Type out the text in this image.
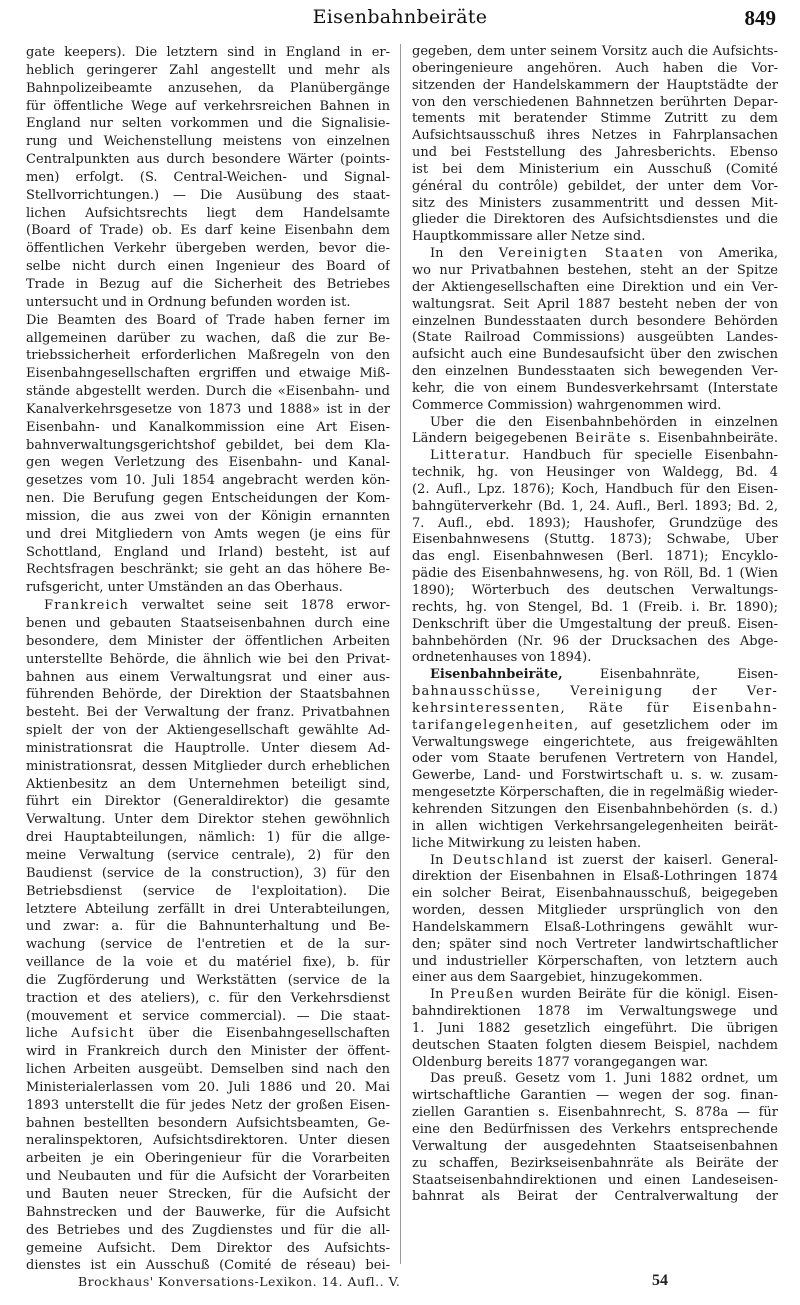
Eisenbahnbeiräte	849
gate keepers). Die letztern sind in England in er-
heblich geringerer Zahl angestellt und mehr als
Bahnpolizeibeamte anzusehen, da Planübergänge
für öffentliche Wege auf verkehrsreichen Bahnen in
England nur selten vorkommen und die Signalisie-
rung und Weichenstellung meistens von einzelnen
Centralpunkten aus durch besondere Wärter (points-
men) erfolgt. (S. Central-Weichen- und Signal-
Stellvorrichtungen.) — Die Ausübung des staat-
lichen Aufsichtsrechts liegt dem Handelsamte
(Board of Trade) ob. Es darf keine Eisenbahn dem
öffentlichen Verkehr übergeben werden, bevor die-
selbe nicht durch einen Ingenieur des Board of
Trade in Bezug auf die Sicherheit des Betriebes
untersucht und in Ordnung befunden worden ist.
Die Beamten des Board of Trade haben ferner im
allgemeinen darüber zu wachen, daß die zur Be-
triebssicherheit erforderlichen Maßregeln von den
Eisenbahngesellschaften ergriffen und etwaige Miß-
stände abgestellt werden. Durch die «Eisenbahn- und
Kanalverkehrsgesetze von 1873 und 1888» ist in der
Eisenbahn- und Kanalkommission eine Art Eisen-
bahnverwaltungsgerichtshof gebildet, bei dem Kla-
gen wegen Verletzung des Eisenbahn- und Kanal-
gesetzes vom 10. Juli 1854 angebracht werden kön-
nen. Die Berufung gegen Entscheidungen der Kom-
mission, die aus zwei von der Königin ernannten
und drei Mitgliedern von Amts wegen (je eins für
Schottland, England und Irland) besteht, ist auf
Rechtsfragen beschränkt; sie geht an das höhere Be-
rufsgericht, unter Umständen an das Oberhaus.
Frankreich verwaltet seine seit 1878 erwor-
benen und gebauten Staatseisenbahnen durch eine
besondere, dem Minister der öffentlichen Arbeiten
unterstellte Behörde, die ähnlich wie bei den Privat-
bahnen aus einem Verwaltungsrat und einer aus-
führenden Behörde, der Direktion der Staatsbahnen
besteht. Bei der Verwaltung der franz. Privatbahnen
spielt der von der Aktiengesellschaft gewählte Ad-
ministrationsrat die Hauptrolle. Unter diesem Ad-
ministrationsrat, dessen Mitglieder durch erheblichen
Aktienbesitz an dem Unternehmen beteiligt sind,
führt ein Direktor (Generaldirektor) die gesamte
Verwaltung. Unter dem Direktor stehen gewöhnlich
drei Hauptabteilungen, nämlich: 1) für die allge-
meine Verwaltung (service centrale), 2) für den
Baudienst (service de la construction), 3) für den
Betriebsdienst (service de l'exploitation). Die
letztere Abteilung zerfällt in drei Unterabteilungen,
und zwar: a. für die Bahnunterhaltung und Be-
wachung (service de l'entretien et de la sur-
veillance de la voie et du matériel fixe), b. für
die Zugförderung und Werkstätten (service de la
traction et des ateliers), c. für den Verkehrsdienst
(mouvement et service commercial). — Die staat-
liche Aufsicht über die Eisenbahngesellschaften
wird in Frankreich durch den Minister der öffent-
lichen Arbeiten ausgeübt. Demselben sind nach den
Ministerialerlassen vom 20. Juli 1886 und 20. Mai
1893 unterstellt die für jedes Netz der großen Eisen-
bahnen bestellten besondern Aufsichtsbeamten, Ge-
neralinspektoren, Aufsichtsdirektoren. Unter diesen
arbeiten je ein Oberingenieur für die Vorarbeiten
und Neubauten und für die Aufsicht der Vorarbeiten
und Bauten neuer Strecken, für die Aufsicht der
Bahnstrecken und der Bauwerke, für die Aufsicht
des Betriebes und des Zugdienstes und für die all-
gemeine Aufsicht. Dem Direktor des Aufsichts-
dienstes ist ein Ausschuß (Comité de réseau) bei-
gegeben, dem unter seinem Vorsitz auch die Aufsichts-
oberingenieure angehören. Auch haben die Vor-
sitzenden der Handelskammern der Hauptstädte der
von den verschiedenen Bahnnetzen berührten Depar-
tements mit beratender Stimme Zutritt zu dem
Aufsichtsausschuß ihres Netzes in Fahrplansachen
und bei Feststellung des Jahresberichts. Ebenso
ist bei dem Ministerium ein Ausschuß (Comité
général du contrôle) gebildet, der unter dem Vor-
sitz des Ministers zusammentritt und dessen Mit-
glieder die Direktoren des Aufsichtsdienstes und die
Hauptkommissare aller Netze sind.
In den Vereinigten Staaten von Amerika,
wo nur Privatbahnen bestehen, steht an der Spitze
der Aktiengesellschaften eine Direktion und ein Ver-
waltungsrat. Seit April 1887 besteht neben der von
einzelnen Bundesstaaten durch besondere Behörden
(State Railroad Commissions) ausgeübten Landes-
aufsicht auch eine Bundesaufsicht über den zwischen
den einzelnen Bundesstaaten sich bewegenden Ver-
kehr, die von einem Bundesverkehrsamt (Interstate
Commerce Commission) wahrgenommen wird.
Über die den Eisenbahnbehörden in einzelnen
Ländern beigegebenen Beiräte s. Eisenbahnbeiräte.
Litteratur. Handbuch für specielle Eisenbahn-
technik, hg. von Heusinger von Waldegg, Bd. 4
(2. Aufl., Lpz. 1876); Koch, Handbuch für den Eisen-
bahngüterverkehr (Bd. 1, 24. Aufl., Berl. 1893; Bd. 2,
7. Aufl., ebd. 1893); Haushofer, Grundzüge des
Eisenbahnwesens (Stuttg. 1873); Schwabe, Über
das engl. Eisenbahnwesen (Berl. 1871); Encyklo-
pädie des Eisenbahnwesens, hg. von Röll, Bd. 1 (Wien
1890); Wörterbuch des deutschen Verwaltungs-
rechts, hg. von Stengel, Bd. 1 (Freib. i. Br. 1890);
Denkschrift über die Umgestaltung der preuß. Eisen-
bahnbehörden (Nr. 96 der Drucksachen des Abge-
ordnetenhauses von 1894).
Eisenbahnbeiräte, Eisenbahnräte, Eisen-
bahnausschüsse, Vereinigung der Ver-
kehrsinteressenten, Räte für Eisenbahn-
tarifangelegenheiten, auf gesetzlichem oder im
Verwaltungswege eingerichtete, aus freigewählten
oder vom Staate berufenen Vertretern von Handel,
Gewerbe, Land- und Forstwirtschaft u. s. w. zusam-
mengesetzte Körperschaften, die in regelmäßig wieder-
kehrenden Sitzungen den Eisenbahnbehörden (s. d.)
in allen wichtigen Verkehrsangelegenheiten beirät-
liche Mitwirkung zu leisten haben.
In Deutschland ist zuerst der kaiserl. General-
direktion der Eisenbahnen in Elsaß-Lothringen 1874
ein solcher Beirat, Eisenbahnausschuß, beigegeben
worden, dessen Mitglieder ursprünglich von den
Handelskammern Elsaß-Lothringens gewählt wur-
den; später sind noch Vertreter landwirtschaftlicher
und industrieller Körperschaften, von letztern auch
einer aus dem Saargebiet, hinzugekommen.
In Preußen wurden Beiräte für die königl. Eisen-
bahndirektionen 1878 im Verwaltungswege und
1. Juni 1882 gesetzlich eingeführt. Die übrigen
deutschen Staaten folgten diesem Beispiel, nachdem
Oldenburg bereits 1877 vorangegangen war.
Das preuß. Gesetz vom 1. Juni 1882 ordnet, um
wirtschaftliche Garantien — wegen der sog. finan-
ziellen Garantien s. Eisenbahnrecht, S. 878a — für
eine den Bedürfnissen des Verkehrs entsprechende
Verwaltung der ausgedehnten Staatseisenbahnen
zu schaffen, Bezirkseisenbahnräte als Beiräte der
Staatseisenbahndirektionen und einen Landeseisen-
bahnrat als Beirat der Centralverwaltung der
Brockhaus' Konversations-Lexikon. 14. Aufl.. V.	54
